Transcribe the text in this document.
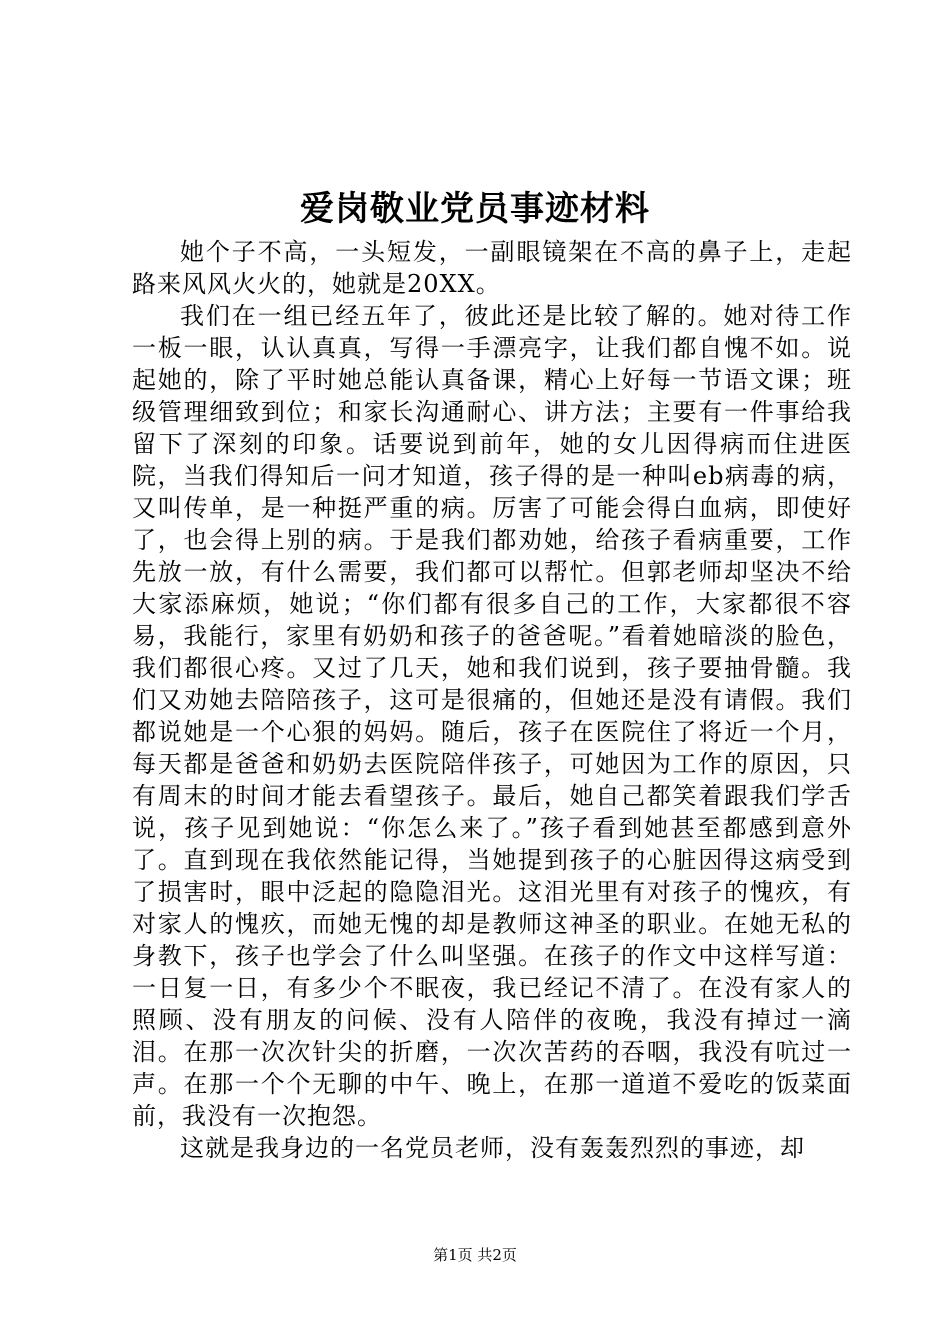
爱岗敬业党员事迹材料

她个子不高，一头短发，一副眼镜架在不高的鼻子上，走起路来风风火火的，她就是20XX。

我们在一组已经五年了，彼此还是比较了解的。她对待工作一板一眼，认认真真，写得一手漂亮字，让我们都自愧不如。说起她的，除了平时她总能认真备课，精心上好每一节语文课；班级管理细致到位；和家长沟通耐心、讲方法；主要有一件事给我留下了深刻的印象。话要说到前年，她的女儿因得病而住进医院，当我们得知后一问才知道，孩子得的是一种叫eb病毒的病，又叫传单，是一种挺严重的病。厉害了可能会得白血病，即使好了，也会得上别的病。于是我们都劝她，给孩子看病重要，工作先放一放，有什么需要，我们都可以帮忙。但郭老师却坚决不给大家添麻烦，她说；“你们都有很多自己的工作，大家都很不容易，我能行，家里有奶奶和孩子的爸爸呢。”看着她暗淡的脸色，我们都很心疼。又过了几天，她和我们说到，孩子要抽骨髓。我们又劝她去陪陪孩子，这可是很痛的，但她还是没有请假。我们都说她是一个心狠的妈妈。随后，孩子在医院住了将近一个月，每天都是爸爸和奶奶去医院陪伴孩子，可她因为工作的原因，只有周末的时间才能去看望孩子。最后，她自己都笑着跟我们学舌说，孩子见到她说：“你怎么来了。”孩子看到她甚至都感到意外了。直到现在我依然能记得，当她提到孩子的心脏因得这病受到了损害时，眼中泛起的隐隐泪光。这泪光里有对孩子的愧疚，有对家人的愧疚，而她无愧的却是教师这神圣的职业。在她无私的身教下，孩子也学会了什么叫坚强。在孩子的作文中这样写道：一日复一日，有多少个不眠夜，我已经记不清了。在没有家人的照顾、没有朋友的问候、没有人陪伴的夜晚，我没有掉过一滴泪。在那一次次针尖的折磨，一次次苦药的吞咽，我没有吭过一声。在那一个个无聊的中午、晚上，在那一道道不爱吃的饭菜面前，我没有一次抱怨。

这就是我身边的一名党员老师，没有轰轰烈烈的事迹，却

第1页 共2页
